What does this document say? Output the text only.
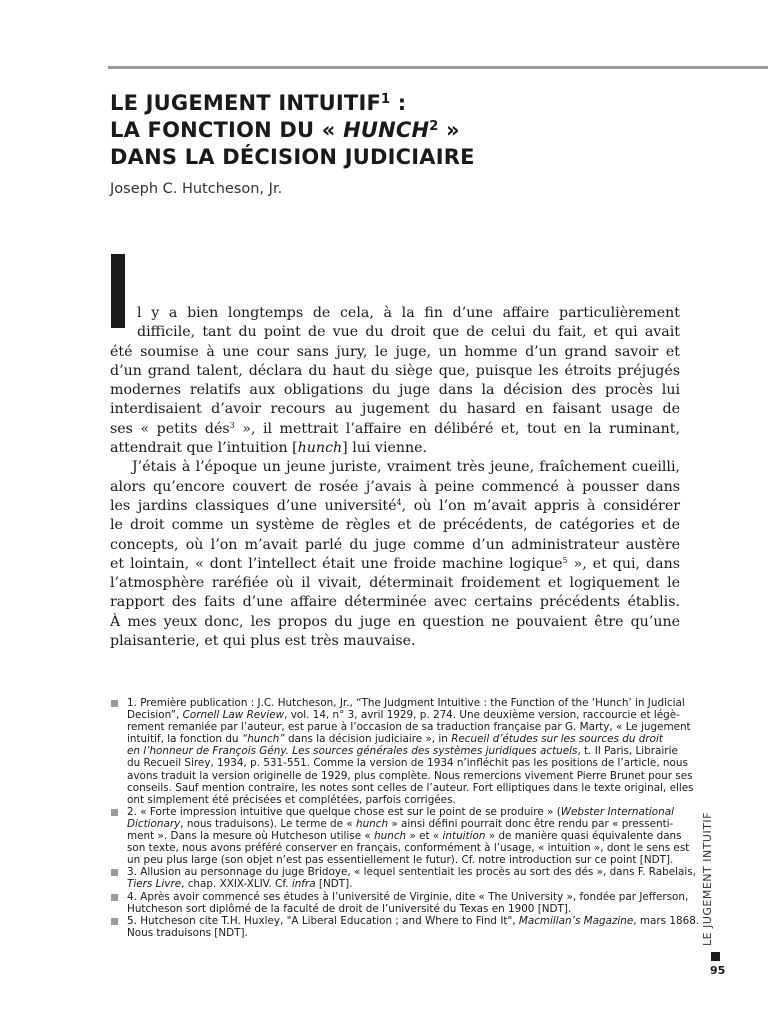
LE JUGEMENT INTUITIF$^1$ :
LA FONCTION DU « HUNCH$^2$ »
DANS LA DÉCISION JUDICIAIRE
Joseph C. Hutcheson, Jr.

l y a bien longtemps de cela, à la fin d’une affaire particulièrement
difficile, tant du point de vue du droit que de celui du fait, et qui avait
été soumise à une cour sans jury, le juge, un homme d’un grand savoir et
d’un grand talent, déclara du haut du siège que, puisque les étroits préjugés
modernes relatifs aux obligations du juge dans la décision des procès lui
interdisaient d’avoir recours au jugement du hasard en faisant usage de
ses « petits dés$^3$ », il mettrait l’affaire en délibéré et, tout en la ruminant,
attendrait que l’intuition [hunch] lui vienne.

J’étais à l’époque un jeune juriste, vraiment très jeune, fraîchement cueilli,
alors qu’encore couvert de rosée j’avais à peine commencé à pousser dans
les jardins classiques d’une université$^4$, où l’on m’avait appris à considérer
le droit comme un système de règles et de précédents, de catégories et de
concepts, où l’on m’avait parlé du juge comme d’un administrateur austère
et lointain, « dont l’intellect était une froide machine logique$^5$ », et qui, dans
l’atmosphère raréfiée où il vivait, déterminait froidement et logiquement le
rapport des faits d’une affaire déterminée avec certains précédents établis.
À mes yeux donc, les propos du juge en question ne pouvaient être qu’une
plaisanterie, et qui plus est très mauvaise.

1. Première publication : J.C. Hutcheson, Jr., “The Judgment Intuitive : the Function of the ‘Hunch’ in Judicial
Decision”, Cornell Law Review, vol. 14, n° 3, avril 1929, p. 274. Une deuxième version, raccourcie et légè-
rement remaniée par l’auteur, est parue à l’occasion de sa traduction française par G. Marty, « Le jugement
intuitif, la fonction du “hunch” dans la décision judiciaire », in Recueil d’études sur les sources du droit
en l’honneur de François Gény. Les sources générales des systèmes juridiques actuels, t. II Paris, Librairie
du Recueil Sirey, 1934, p. 531-551. Comme la version de 1934 n’infléchit pas les positions de l’article, nous
avons traduit la version originelle de 1929, plus complète. Nous remercions vivement Pierre Brunet pour ses
conseils. Sauf mention contraire, les notes sont celles de l’auteur. Fort elliptiques dans le texte original, elles
ont simplement été précisées et complétées, parfois corrigées.
2. « Forte impression intuitive que quelque chose est sur le point de se produire » (Webster International
Dictionary, nous traduisons). Le terme de « hunch » ainsi défini pourrait donc être rendu par « pressenti-
ment ». Dans la mesure où Hutcheson utilise « hunch » et « intuition » de manière quasi équivalente dans
son texte, nous avons préféré conserver en français, conformément à l’usage, « intuition », dont le sens est
un peu plus large (son objet n’est pas essentiellement le futur). Cf. notre introduction sur ce point [NDT].
3. Allusion au personnage du juge Bridoye, « lequel sententiait les procès au sort des dés », dans F. Rabelais,
Tiers Livre, chap. XXIX-XLIV. Cf. infra [NDT].
4. Après avoir commencé ses études à l’université de Virginie, dite « The University », fondée par Jefferson,
Hutcheson sort diplômé de la faculté de droit de l’université du Texas en 1900 [NDT].
5. Hutcheson cite T.H. Huxley, "A Liberal Education ; and Where to Find It", Macmillan’s Magazine, mars 1868.
Nous traduisons [NDT].	LE JUGEMENT INTUITIF
95
